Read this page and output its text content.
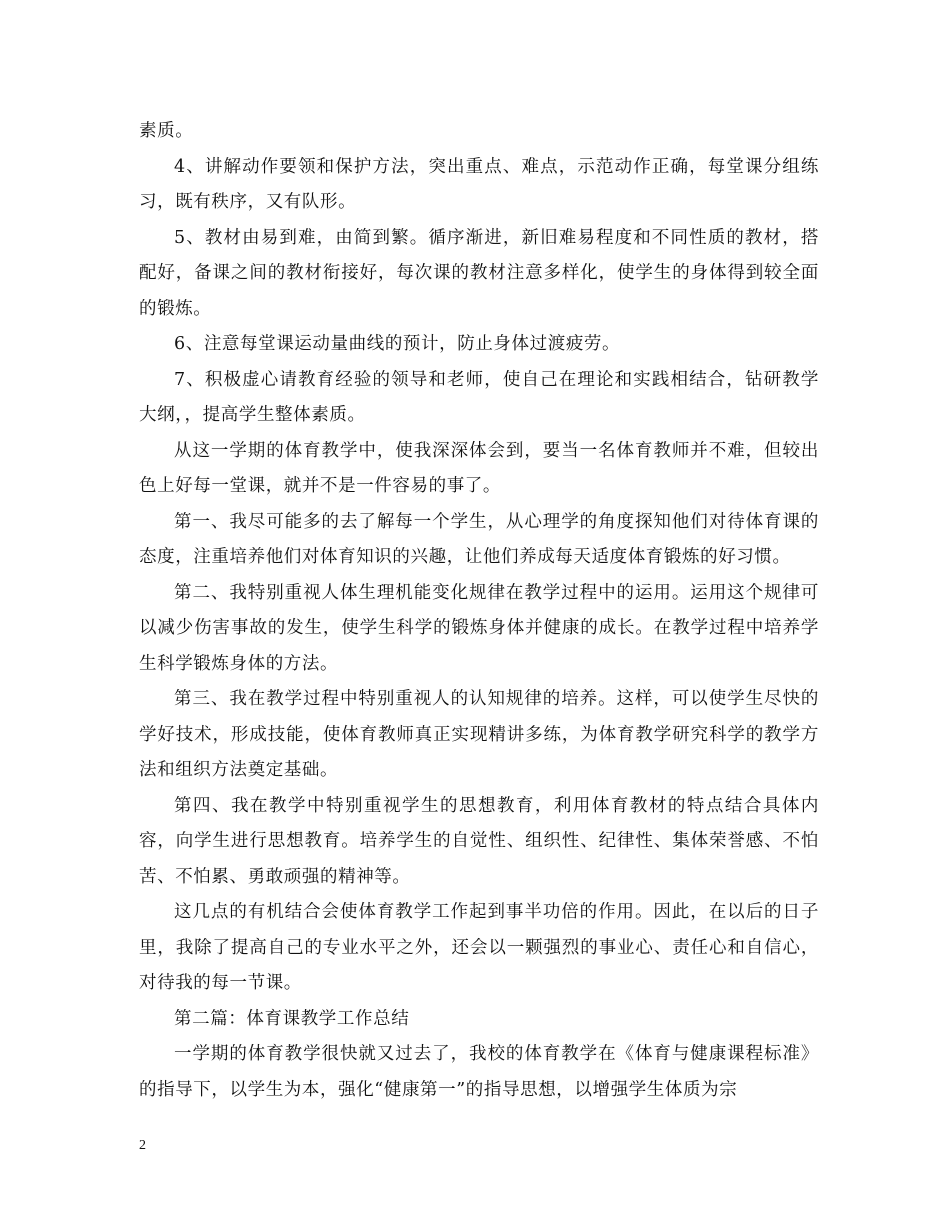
素质。

4、讲解动作要领和保护方法，突出重点、难点，示范动作正确，每堂课分组练习，既有秩序，又有队形。

5、教材由易到难，由简到繁。循序渐进，新旧难易程度和不同性质的教材，搭配好，备课之间的教材衔接好，每次课的教材注意多样化，使学生的身体得到较全面的锻炼。

6、注意每堂课运动量曲线的预计，防止身体过渡疲劳。

7、积极虚心请教育经验的领导和老师，使自己在理论和实践相结合，钻研教学大纲，，提高学生整体素质。

从这一学期的体育教学中，使我深深体会到，要当一名体育教师并不难，但较出色上好每一堂课，就并不是一件容易的事了。

第一、我尽可能多的去了解每一个学生，从心理学的角度探知他们对待体育课的态度，注重培养他们对体育知识的兴趣，让他们养成每天适度体育锻炼的好习惯。

第二、我特别重视人体生理机能变化规律在教学过程中的运用。运用这个规律可以减少伤害事故的发生，使学生科学的锻炼身体并健康的成长。在教学过程中培养学生科学锻炼身体的方法。

第三、我在教学过程中特别重视人的认知规律的培养。这样，可以使学生尽快的学好技术，形成技能，使体育教师真正实现精讲多练，为体育教学研究科学的教学方法和组织方法奠定基础。

第四、我在教学中特别重视学生的思想教育，利用体育教材的特点结合具体内容，向学生进行思想教育。培养学生的自觉性、组织性、纪律性、集体荣誉感、不怕苦、不怕累、勇敢顽强的精神等。

这几点的有机结合会使体育教学工作起到事半功倍的作用。因此，在以后的日子里，我除了提高自己的专业水平之外，还会以一颗强烈的事业心、责任心和自信心，对待我的每一节课。

第二篇：体育课教学工作总结

一学期的体育教学很快就又过去了，我校的体育教学在《体育与健康课程标准》的指导下，以学生为本，强化“健康第一”的指导思想，以增强学生体质为宗

2
